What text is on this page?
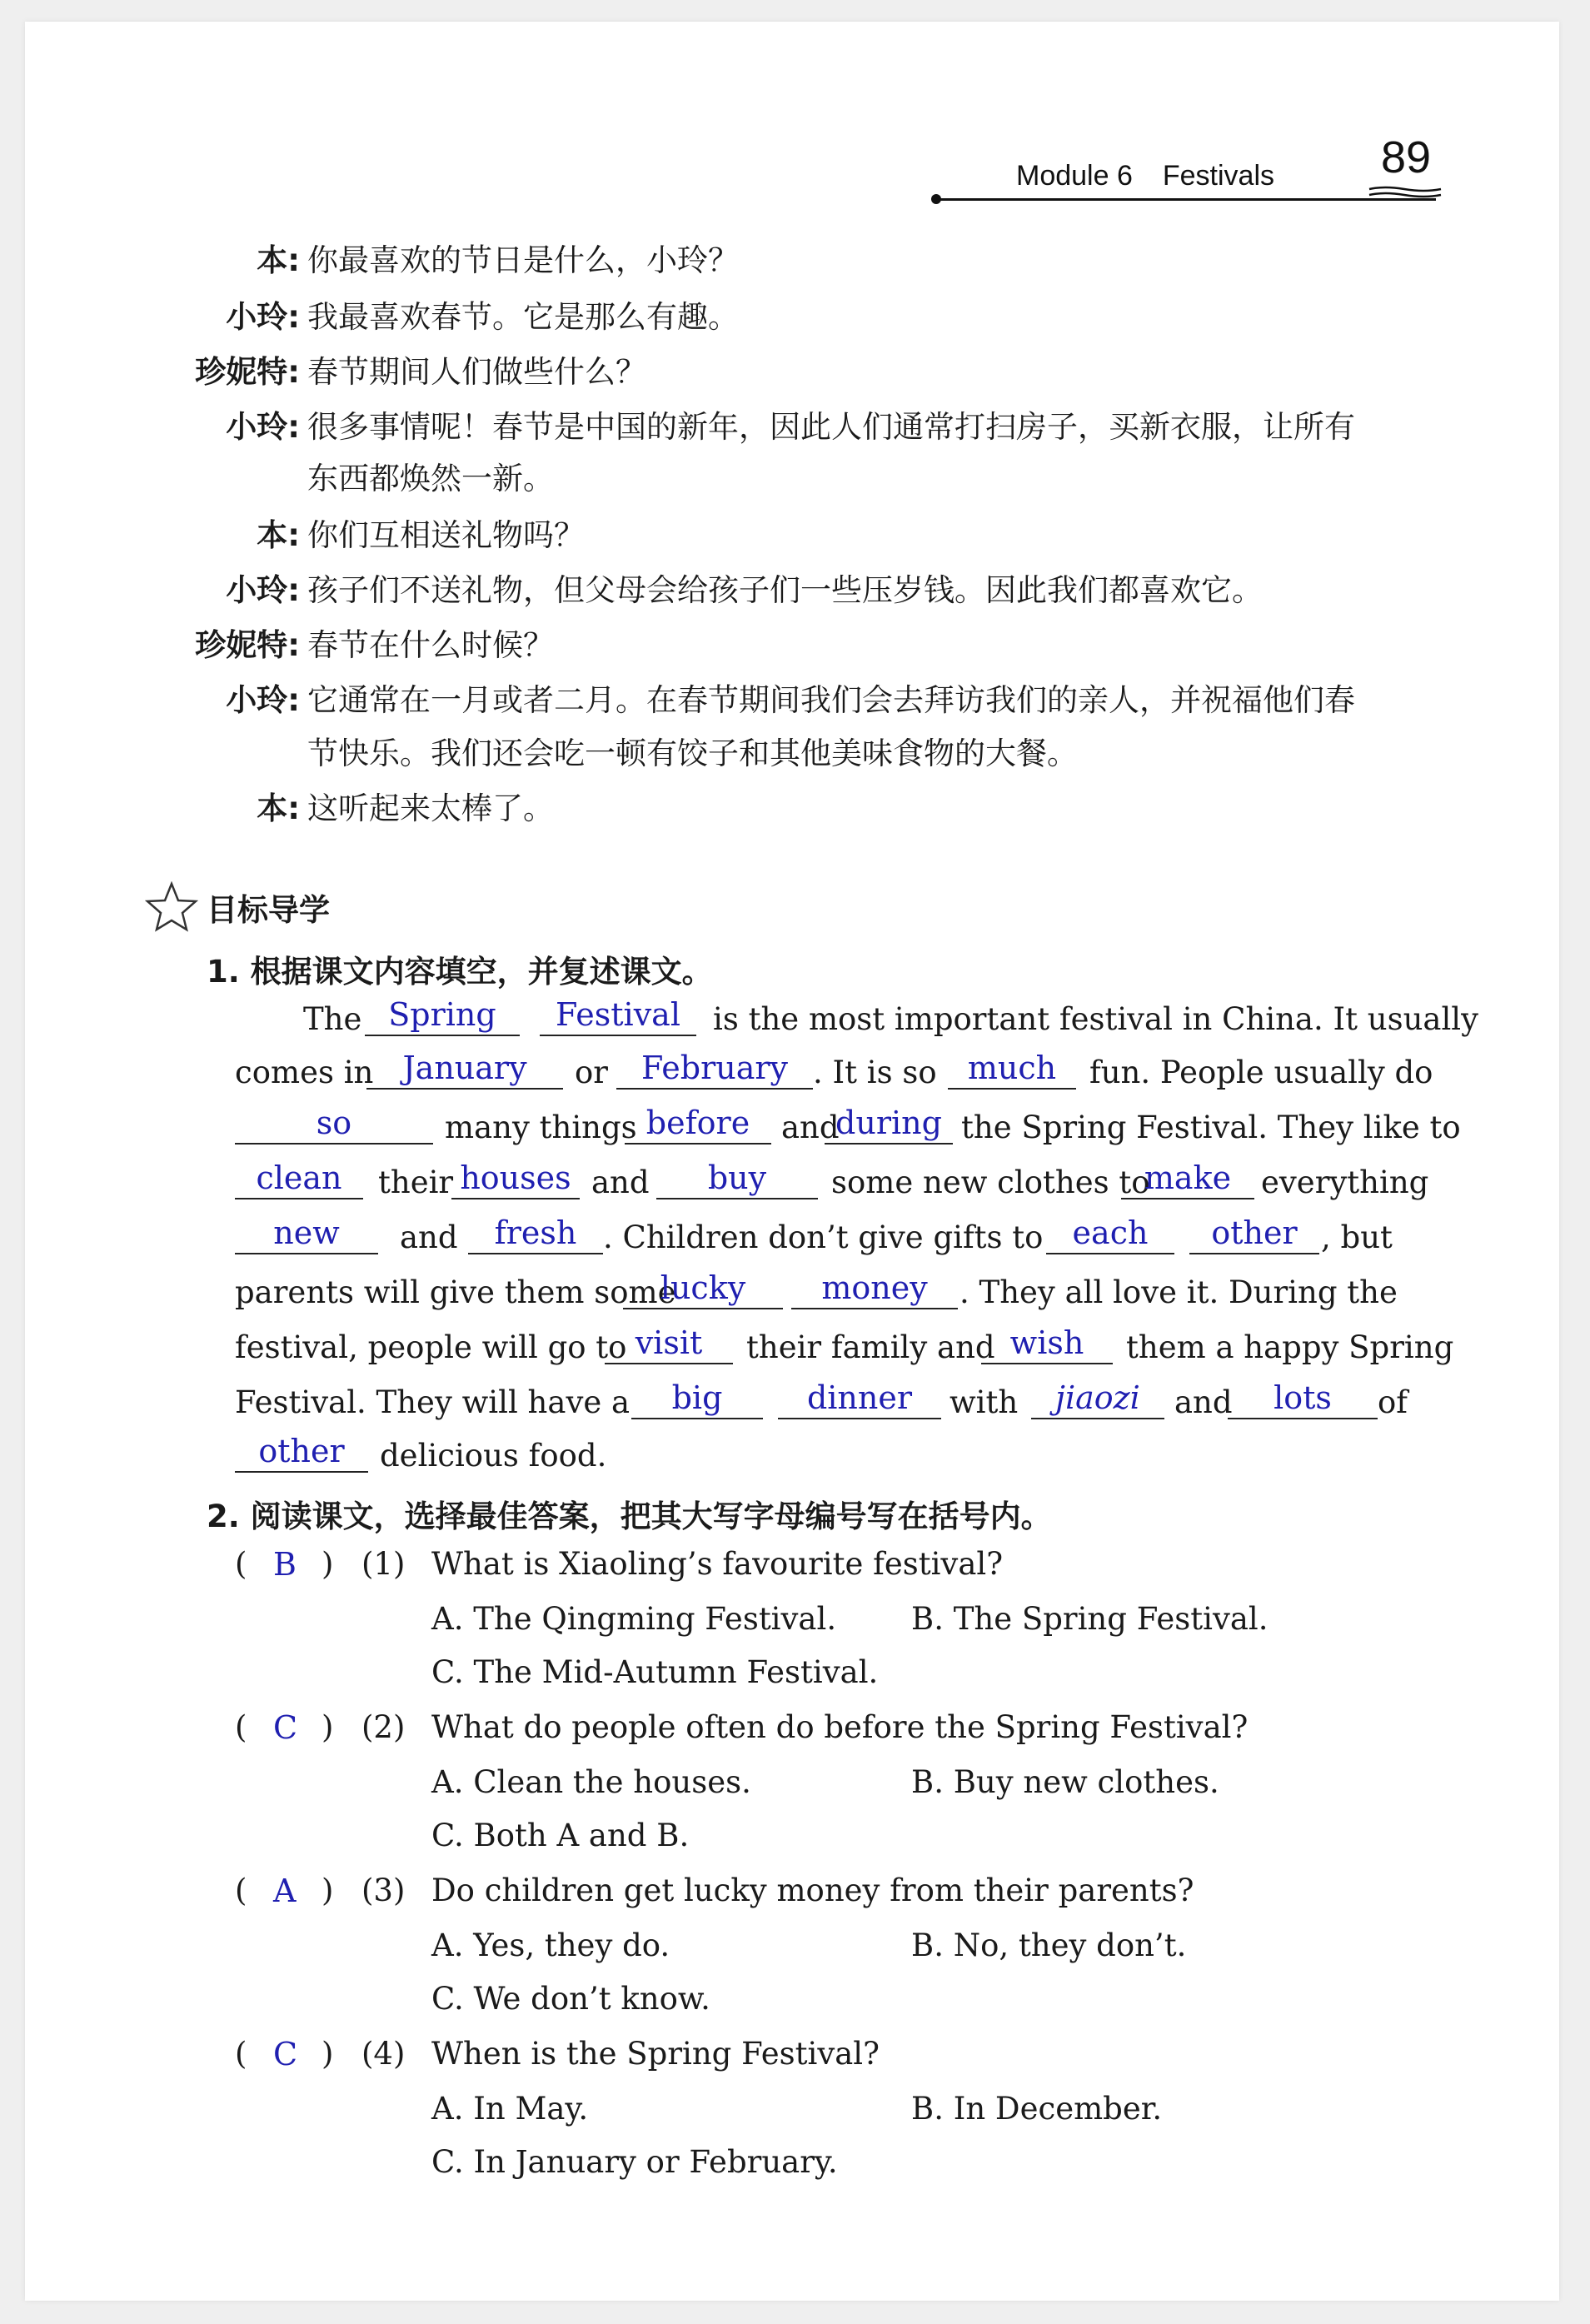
Module 6 Festivals 89
本: 你最喜欢的节日是什么，小玲？
小玲: 我最喜欢春节。它是那么有趣。
珍妮特: 春节期间人们做些什么？
小玲: 很多事情呢！春节是中国的新年，因此人们通常打扫房子，买新衣服，让所有
东西都焕然一新。
本: 你们互相送礼物吗？
小玲: 孩子们不送礼物，但父母会给孩子们一些压岁钱。因此我们都喜欢它。
珍妮特: 春节在什么时候？
小玲: 它通常在一月或者二月。在春节期间我们会去拜访我们的亲人，并祝福他们春
节快乐。我们还会吃一顿有饺子和其他美味食物的大餐。
本: 这听起来太棒了。
目标导学
1. 根据课文内容填空，并复述课文。
The Spring	Festival	is the most important festival in China. It usually
comes in January	or	February . It is so much	fun. People usually do
so	many things before	and
during the Spring Festival. They like to
clean	their houses and	buy	some new clothes to
make everything
new	and	fresh . Children don’t give gifts to each	other , but
parents will give them some
lucky	money	. They all love it. During the
festival, people will go to visit	their family and wish	them a happy Spring
Festival. They will have a	big	dinner	with	jiaozi	and	lots	of
other	delicious food.
2. 阅读课文，选择最佳答案，把其大写字母编号写在括号内。
( B ) (1) What is Xiaoling’s favourite festival?
A. The Qingming Festival. B. The Spring Festival.
C. The Mid-Autumn Festival.
( C ) (2) What do people often do before the Spring Festival?
A. Clean the houses.	B. Buy new clothes.
C. Both A and B.
( A ) (3) Do children get lucky money from their parents?
A. Yes, they do.	B. No, they don’t.
C. We don’t know.
( C ) (4) When is the Spring Festival?
A. In May.	B. In December.
C. In January or February.
